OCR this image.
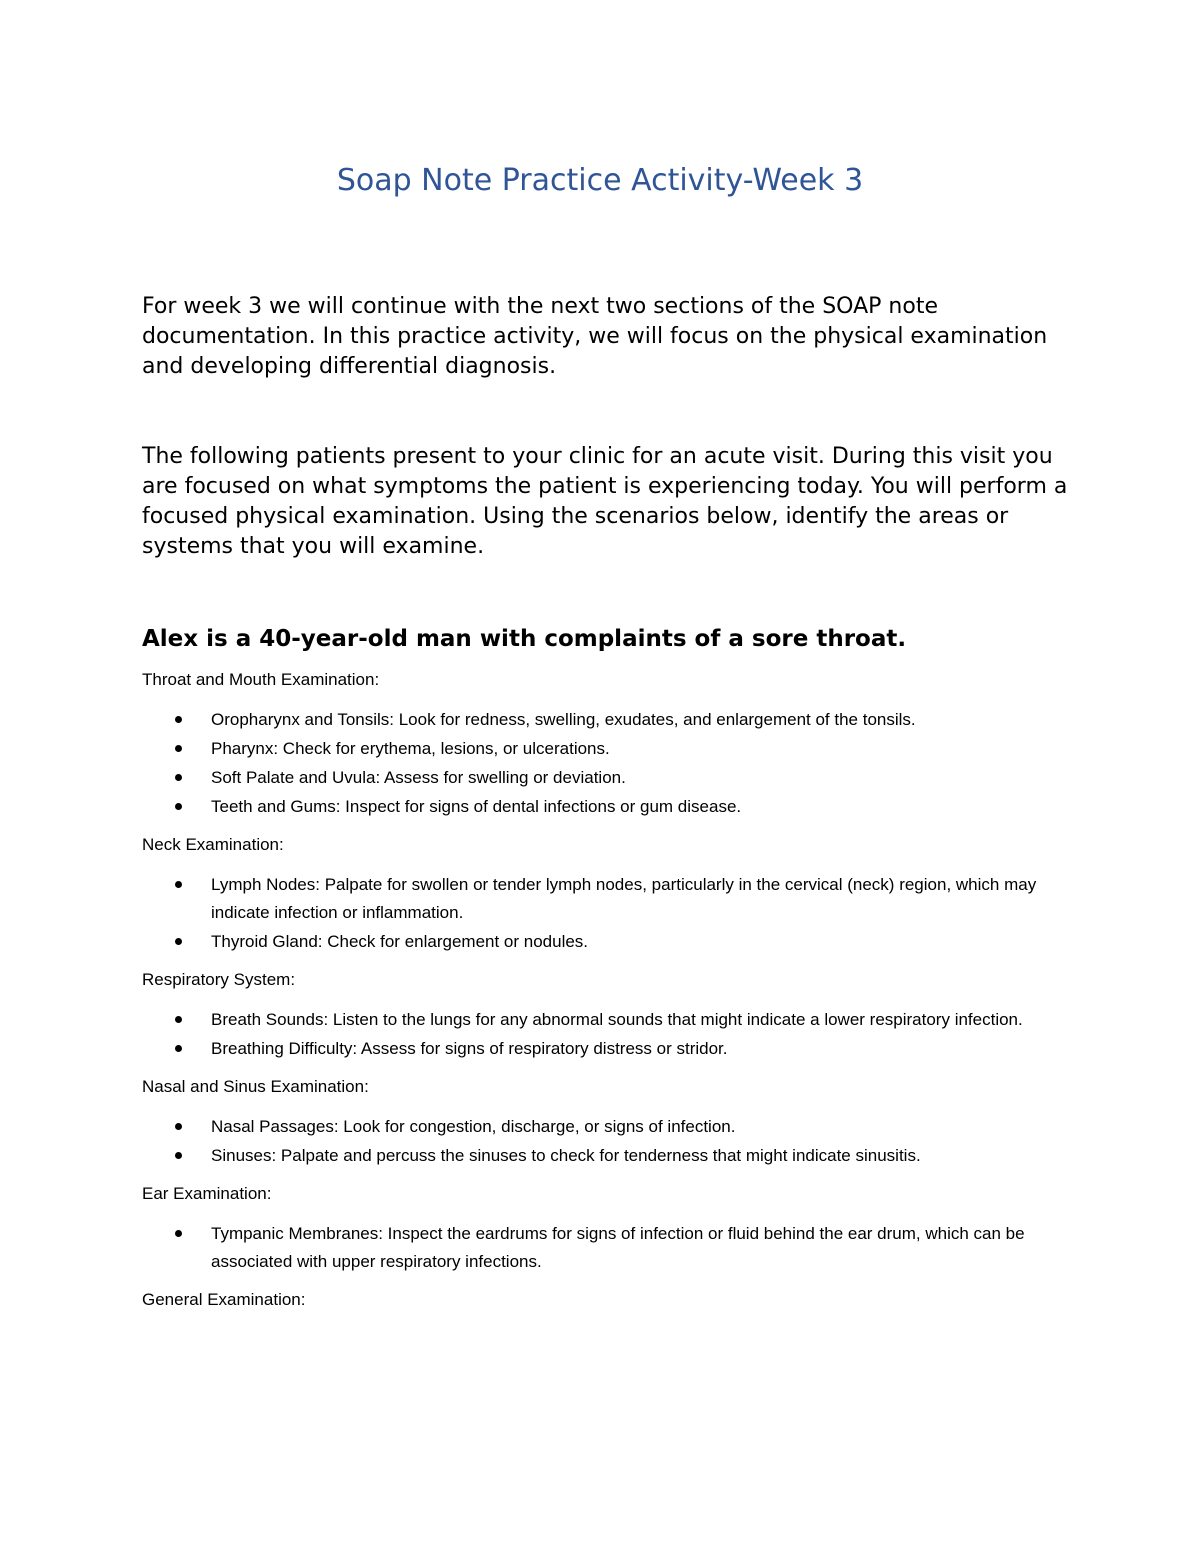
Soap Note Practice Activity-Week 3

For week 3 we will continue with the next two sections of the SOAP note documentation. In this practice activity, we will focus on the physical examination and developing differential diagnosis.

The following patients present to your clinic for an acute visit. During this visit you are focused on what symptoms the patient is experiencing today. You will perform a focused physical examination. Using the scenarios below, identify the areas or systems that you will examine.

Alex is a 40-year-old man with complaints of a sore throat.

Throat and Mouth Examination:

Oropharynx and Tonsils: Look for redness, swelling, exudates, and enlargement of the tonsils.
Pharynx: Check for erythema, lesions, or ulcerations.
Soft Palate and Uvula: Assess for swelling or deviation.
Teeth and Gums: Inspect for signs of dental infections or gum disease.

Neck Examination:

Lymph Nodes: Palpate for swollen or tender lymph nodes, particularly in the cervical (neck) region, which may indicate infection or inflammation.
Thyroid Gland: Check for enlargement or nodules.

Respiratory System:

Breath Sounds: Listen to the lungs for any abnormal sounds that might indicate a lower respiratory infection.
Breathing Difficulty: Assess for signs of respiratory distress or stridor.

Nasal and Sinus Examination:

Nasal Passages: Look for congestion, discharge, or signs of infection.
Sinuses: Palpate and percuss the sinuses to check for tenderness that might indicate sinusitis.

Ear Examination:

Tympanic Membranes: Inspect the eardrums for signs of infection or fluid behind the ear drum, which can be associated with upper respiratory infections.

General Examination:
